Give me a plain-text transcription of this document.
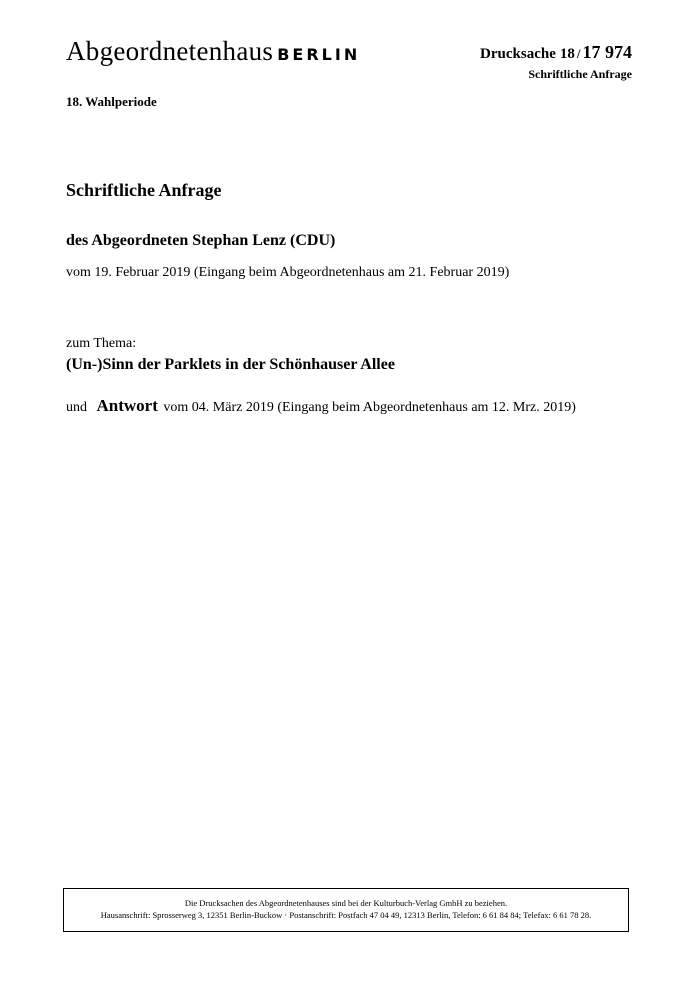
Abgeordnetenhaus BERLIN	Drucksache 18 / 17 974
Schriftliche Anfrage
18. Wahlperiode
Schriftliche Anfrage
des Abgeordneten Stephan Lenz (CDU)
vom 19. Februar 2019 (Eingang beim Abgeordnetenhaus am 21. Februar 2019)
zum Thema:
(Un-)Sinn der Parklets in der Schönhauser Allee
und Antwort vom 04. März 2019 (Eingang beim Abgeordnetenhaus am 12. Mrz. 2019)
Die Drucksachen des Abgeordnetenhauses sind bei der Kulturbuch-Verlag GmbH zu beziehen.
Hausanschrift: Sprosserweg 3, 12351 Berlin-Buckow · Postanschrift: Postfach 47 04 49, 12313 Berlin, Telefon: 6 61 84 84; Telefax: 6 61 78 28.
